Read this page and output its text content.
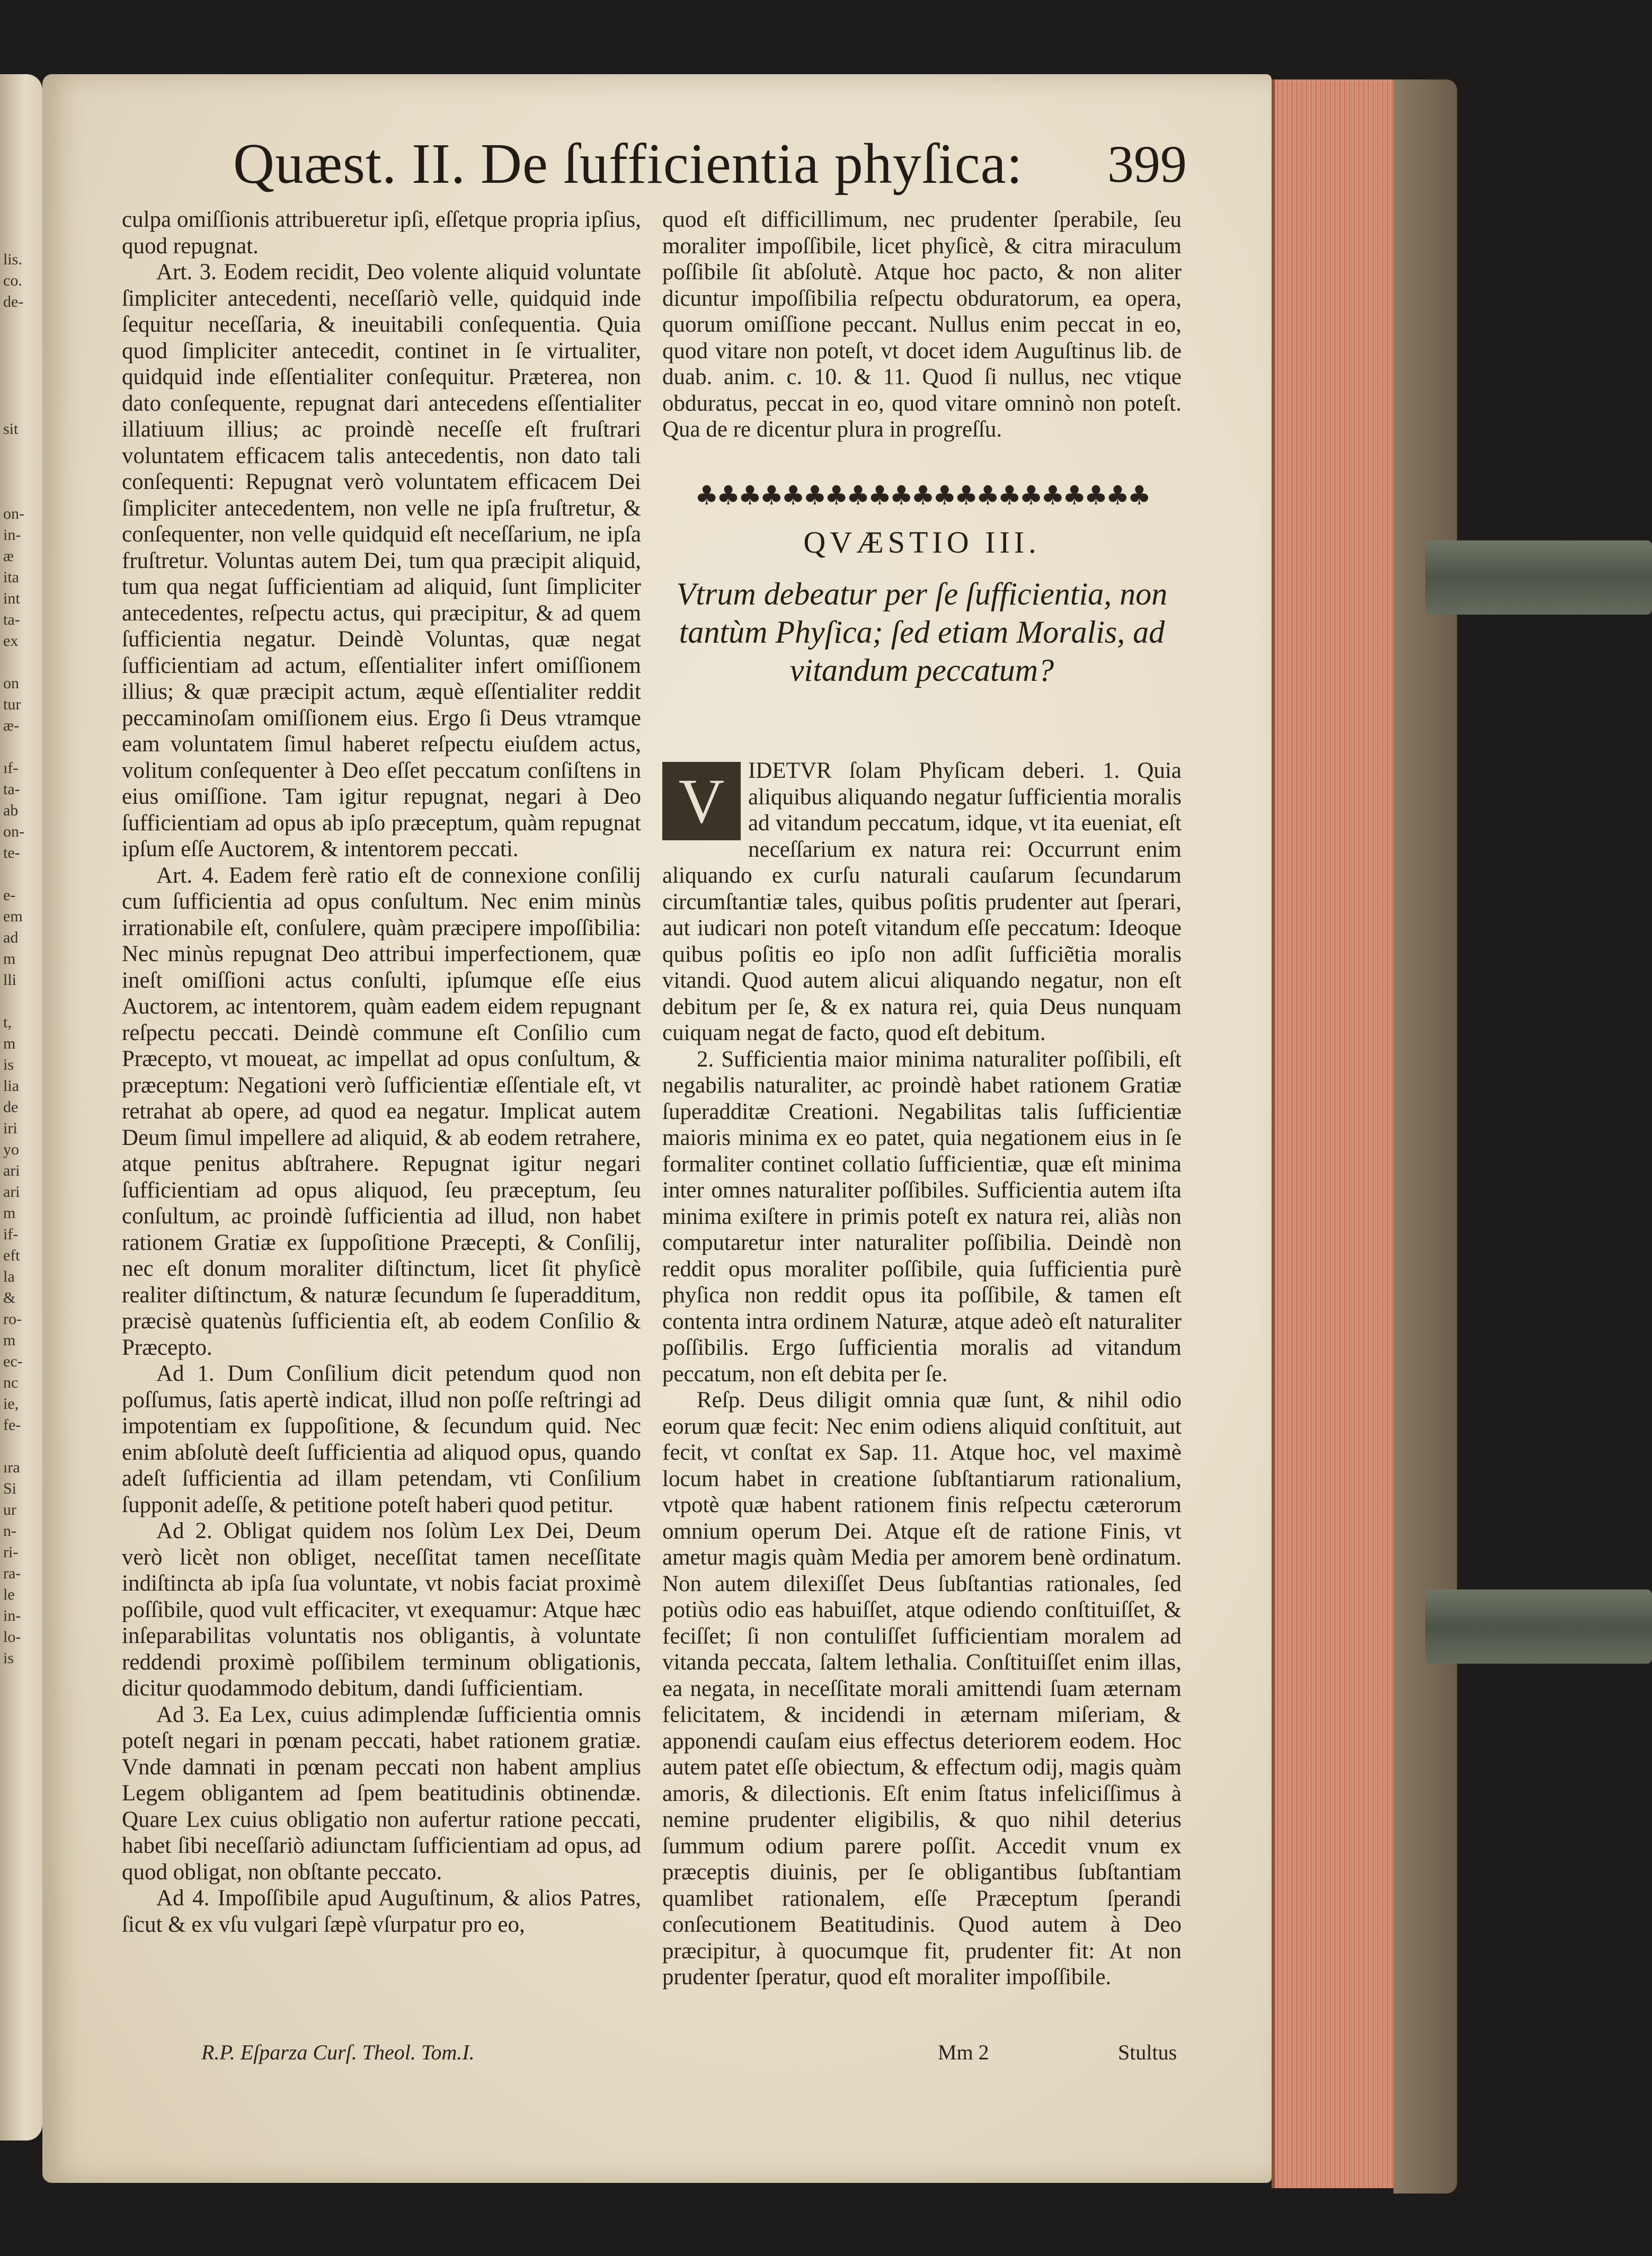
lis.
co.
de-

sit

on-
in-
æ
ita
int
ta-
ex

on
tur
æ-

ıf-
ta-
ab
on-
te-

e-
em
ad
m
lli

t,
m
is
lia
de
iri
yo
ari
ari
m
if-
eft
la
&
ro-
m
ec-
nc
ie,
fe-

ıra
Si
ur
n-
ri-
ra-
le
in-
lo-
is
Quæst. II. De ſufficientia phyſica: 399

culpa omiſſionis attribueretur ipſi, eſſetque propria ipſius, quod repugnat.

Art. 3. Eodem recidit, Deo volente aliquid voluntate ſimpliciter antecedenti, neceſſariò velle, quidquid inde ſequitur neceſſaria, & ineuitabili conſequentia. Quia quod ſimpliciter antecedit, continet in ſe virtualiter, quidquid inde eſſentialiter conſequitur. Præterea, non dato conſequente, repugnat dari antecedens eſſentialiter illatiuum illius; ac proindè neceſſe eſt fruſtrari voluntatem efficacem talis antecedentis, non dato tali conſequenti: Repugnat verò voluntatem efficacem Dei ſimpliciter antecedentem, non velle ne ipſa fruſtretur, & conſequenter, non velle quidquid eſt neceſſarium, ne ipſa fruſtretur. Voluntas autem Dei, tum qua præcipit aliquid, tum qua negat ſufficientiam ad aliquid, ſunt ſimpliciter antecedentes, reſpectu actus, qui præcipitur, & ad quem ſufficientia negatur. Deindè Voluntas, quæ negat ſufficientiam ad actum, eſſentialiter infert omiſſionem illius; & quæ præcipit actum, æquè eſſentialiter reddit peccaminoſam omiſſionem eius. Ergo ſi Deus vtramque eam voluntatem ſimul haberet reſpectu eiuſdem actus, volitum conſequenter à Deo eſſet peccatum conſiſtens in eius omiſſione. Tam igitur repugnat, negari à Deo ſufficientiam ad opus ab ipſo præceptum, quàm repugnat ipſum eſſe Auctorem, & intentorem peccati.

Art. 4. Eadem ferè ratio eſt de connexione conſilij cum ſufficientia ad opus conſultum. Nec enim minùs irrationabile eſt, conſulere, quàm præcipere impoſſibilia: Nec minùs repugnat Deo attribui imperfectionem, quæ ineſt omiſſioni actus conſulti, ipſumque eſſe eius Auctorem, ac intentorem, quàm eadem eidem repugnant reſpectu peccati. Deindè commune eſt Conſilio cum Præcepto, vt moueat, ac impellat ad opus conſultum, & præceptum: Negationi verò ſufficientiæ eſſentiale eſt, vt retrahat ab opere, ad quod ea negatur. Implicat autem Deum ſimul impellere ad aliquid, & ab eodem retrahere, atque penitus abſtrahere. Repugnat igitur negari ſufficientiam ad opus aliquod, ſeu præceptum, ſeu conſultum, ac proindè ſufficientia ad illud, non habet rationem Gratiæ ex ſuppoſitione Præcepti, & Conſilij, nec eſt donum moraliter diſtinctum, licet ſit phyſicè realiter diſtinctum, & naturæ ſecundum ſe ſuperadditum, præcisè quatenùs ſufficientia eſt, ab eodem Conſilio & Præcepto.

Ad 1. Dum Conſilium dicit petendum quod non poſſumus, ſatis apertè indicat, illud non poſſe reſtringi ad impotentiam ex ſuppoſitione, & ſecundum quid. Nec enim abſolutè deeſt ſufficientia ad aliquod opus, quando adeſt ſufficientia ad illam petendam, vti Conſilium ſupponit adeſſe, & petitione poteſt haberi quod petitur.

Ad 2. Obligat quidem nos ſolùm Lex Dei, Deum verò licèt non obliget, neceſſitat tamen neceſſitate indiſtincta ab ipſa ſua voluntate, vt nobis faciat proximè poſſibile, quod vult efficaciter, vt exequamur: Atque hæc inſeparabilitas voluntatis nos obligantis, à voluntate reddendi proximè poſſibilem terminum obligationis, dicitur quodammodo debitum, dandi ſufficientiam.

Ad 3. Ea Lex, cuius adimplendæ ſufficientia omnis poteſt negari in pœnam peccati, habet rationem gratiæ. Vnde damnati in pœnam peccati non habent amplius Legem obligantem ad ſpem beatitudinis obtinendæ. Quare Lex cuius obligatio non aufertur ratione peccati, habet ſibi neceſſariò adiunctam ſufficientiam ad opus, ad quod obligat, non obſtante peccato.

Ad 4. Impoſſibile apud Auguſtinum, & alios Patres, ſicut & ex vſu vulgari ſæpè vſurpatur pro eo,

quod eſt difficillimum, nec prudenter ſperabile, ſeu moraliter impoſſibile, licet phyſicè, & citra miraculum poſſibile ſit abſolutè. Atque hoc pacto, & non aliter dicuntur impoſſibilia reſpectu obduratorum, ea opera, quorum omiſſione peccant. Nullus enim peccat in eo, quod vitare non poteſt, vt docet idem Auguſtinus lib. de duab. anim. c. 10. & 11. Quod ſi nullus, nec vtique obduratus, peccat in eo, quod vitare omninò non poteſt. Qua de re dicentur plura in progreſſu.

♣♣♣♣♣♣♣♣♣♣♣♣♣♣♣♣♣♣♣♣♣
QVÆSTIO III.
Vtrum debeatur per ſe ſufficientia, non tantùm Phyſica; ſed etiam Moralis, ad vitandum peccatum?

V	IDETVR ſolam Phyſicam deberi. 1. Quia aliquibus aliquando negatur ſufficientia moralis ad vitandum peccatum, idque, vt ita eueniat, eſt neceſſarium ex natura rei: Occurrunt enim aliquando ex curſu naturali cauſarum ſecundarum circumſtantiæ tales, quibus poſitis prudenter aut ſperari, aut iudicari non poteſt vitandum eſſe peccatum: Ideoque quibus poſitis eo ipſo non adſit ſufficiẽtia moralis vitandi. Quod autem alicui aliquando negatur, non eſt debitum per ſe, & ex natura rei, quia Deus nunquam cuiquam negat de facto, quod eſt debitum.

2. Sufficientia maior minima naturaliter poſſibili, eſt negabilis naturaliter, ac proindè habet rationem Gratiæ ſuperadditæ Creationi. Negabilitas talis ſufficientiæ maioris minima ex eo patet, quia negationem eius in ſe formaliter continet collatio ſufficientiæ, quæ eſt minima inter omnes naturaliter poſſibiles. Sufficientia autem iſta minima exiſtere in primis poteſt ex natura rei, aliàs non computaretur inter naturaliter poſſibilia. Deindè non reddit opus moraliter poſſibile, quia ſufficientia purè phyſica non reddit opus ita poſſibile, & tamen eſt contenta intra ordinem Naturæ, atque adeò eſt naturaliter poſſibilis. Ergo ſufficientia moralis ad vitandum peccatum, non eſt debita per ſe.

Reſp. Deus diligit omnia quæ ſunt, & nihil odio eorum quæ fecit: Nec enim odiens aliquid conſtituit, aut fecit, vt conſtat ex Sap. 11. Atque hoc, vel maximè locum habet in creatione ſubſtantiarum rationalium, vtpotè quæ habent rationem finis reſpectu cæterorum omnium operum Dei. Atque eſt de ratione Finis, vt ametur magis quàm Media per amorem benè ordinatum. Non autem dilexiſſet Deus ſubſtantias rationales, ſed potiùs odio eas habuiſſet, atque odiendo conſtituiſſet, & feciſſet; ſi non contuliſſet ſufficientiam moralem ad vitanda peccata, ſaltem lethalia. Conſtituiſſet enim illas, ea negata, in neceſſitate morali amittendi ſuam æternam felicitatem, & incidendi in æternam miſeriam, & apponendi cauſam eius effectus deteriorem eodem. Hoc autem patet eſſe obiectum, & effectum odij, magis quàm amoris, & dilectionis. Eſt enim ſtatus infeliciſſimus à nemine prudenter eligibilis, & quo nihil deterius ſummum odium parere poſſit. Accedit vnum ex præceptis diuinis, per ſe obligantibus ſubſtantiam quamlibet rationalem, eſſe Præceptum ſperandi conſecutionem Beatitudinis. Quod autem à Deo præcipitur, à quocumque fit, prudenter fit: At non prudenter ſperatur, quod eſt moraliter impoſſibile.

R.P. Eſparza Curſ. Theol. Tom.I.	Mm 2	Stultus
